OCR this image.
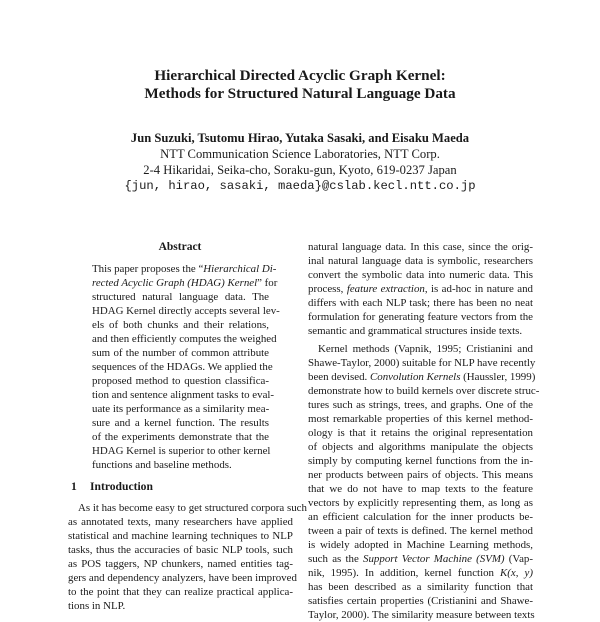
Hierarchical Directed Acyclic Graph Kernel:
Methods for Structured Natural Language Data
Jun Suzuki, Tsutomu Hirao, Yutaka Sasaki, and Eisaku Maeda
NTT Communication Science Laboratories, NTT Corp.
2-4 Hikaridai, Seika-cho, Soraku-gun, Kyoto, 619-0237 Japan
{jun, hirao, sasaki, maeda}@cslab.kecl.ntt.co.jp
Abstract
This paper proposes the “Hierarchical Di-
rected Acyclic Graph (HDAG) Kernel” for
structured natural language data. The
HDAG Kernel directly accepts several lev-
els of both chunks and their relations,
and then efficiently computes the weighed
sum of the number of common attribute
sequences of the HDAGs. We applied the
proposed method to question classifica-
tion and sentence alignment tasks to eval-
uate its performance as a similarity mea-
sure and a kernel function. The results
of the experiments demonstrate that the
HDAG Kernel is superior to other kernel
functions and baseline methods.
1 Introduction
As it has become easy to get structured corpora such
as annotated texts, many researchers have applied
statistical and machine learning techniques to NLP
tasks, thus the accuracies of basic NLP tools, such
as POS taggers, NP chunkers, named entities tag-
gers and dependency analyzers, have been improved
to the point that they can realize practical applica-
tions in NLP.

natural language data. In this case, since the orig-
inal natural language data is symbolic, researchers
convert the symbolic data into numeric data. This
process, feature extraction, is ad-hoc in nature and
differs with each NLP task; there has been no neat
formulation for generating feature vectors from the
semantic and grammatical structures inside texts.

Kernel methods (Vapnik, 1995; Cristianini and
Shawe-Taylor, 2000) suitable for NLP have recently
been devised. Convolution Kernels (Haussler, 1999)
demonstrate how to build kernels over discrete struc-
tures such as strings, trees, and graphs. One of the
most remarkable properties of this kernel method-
ology is that it retains the original representation
of objects and algorithms manipulate the objects
simply by computing kernel functions from the in-
ner products between pairs of objects. This means
that we do not have to map texts to the feature
vectors by explicitly representing them, as long as
an efficient calculation for the inner products be-
tween a pair of texts is defined. The kernel method
is widely adopted in Machine Learning methods,
such as the Support Vector Machine (SVM) (Vap-
nik, 1995). In addition, kernel function K(x, y)
has been described as a similarity function that
satisfies certain properties (Cristianini and Shawe-
Taylor, 2000). The similarity measure between texts
